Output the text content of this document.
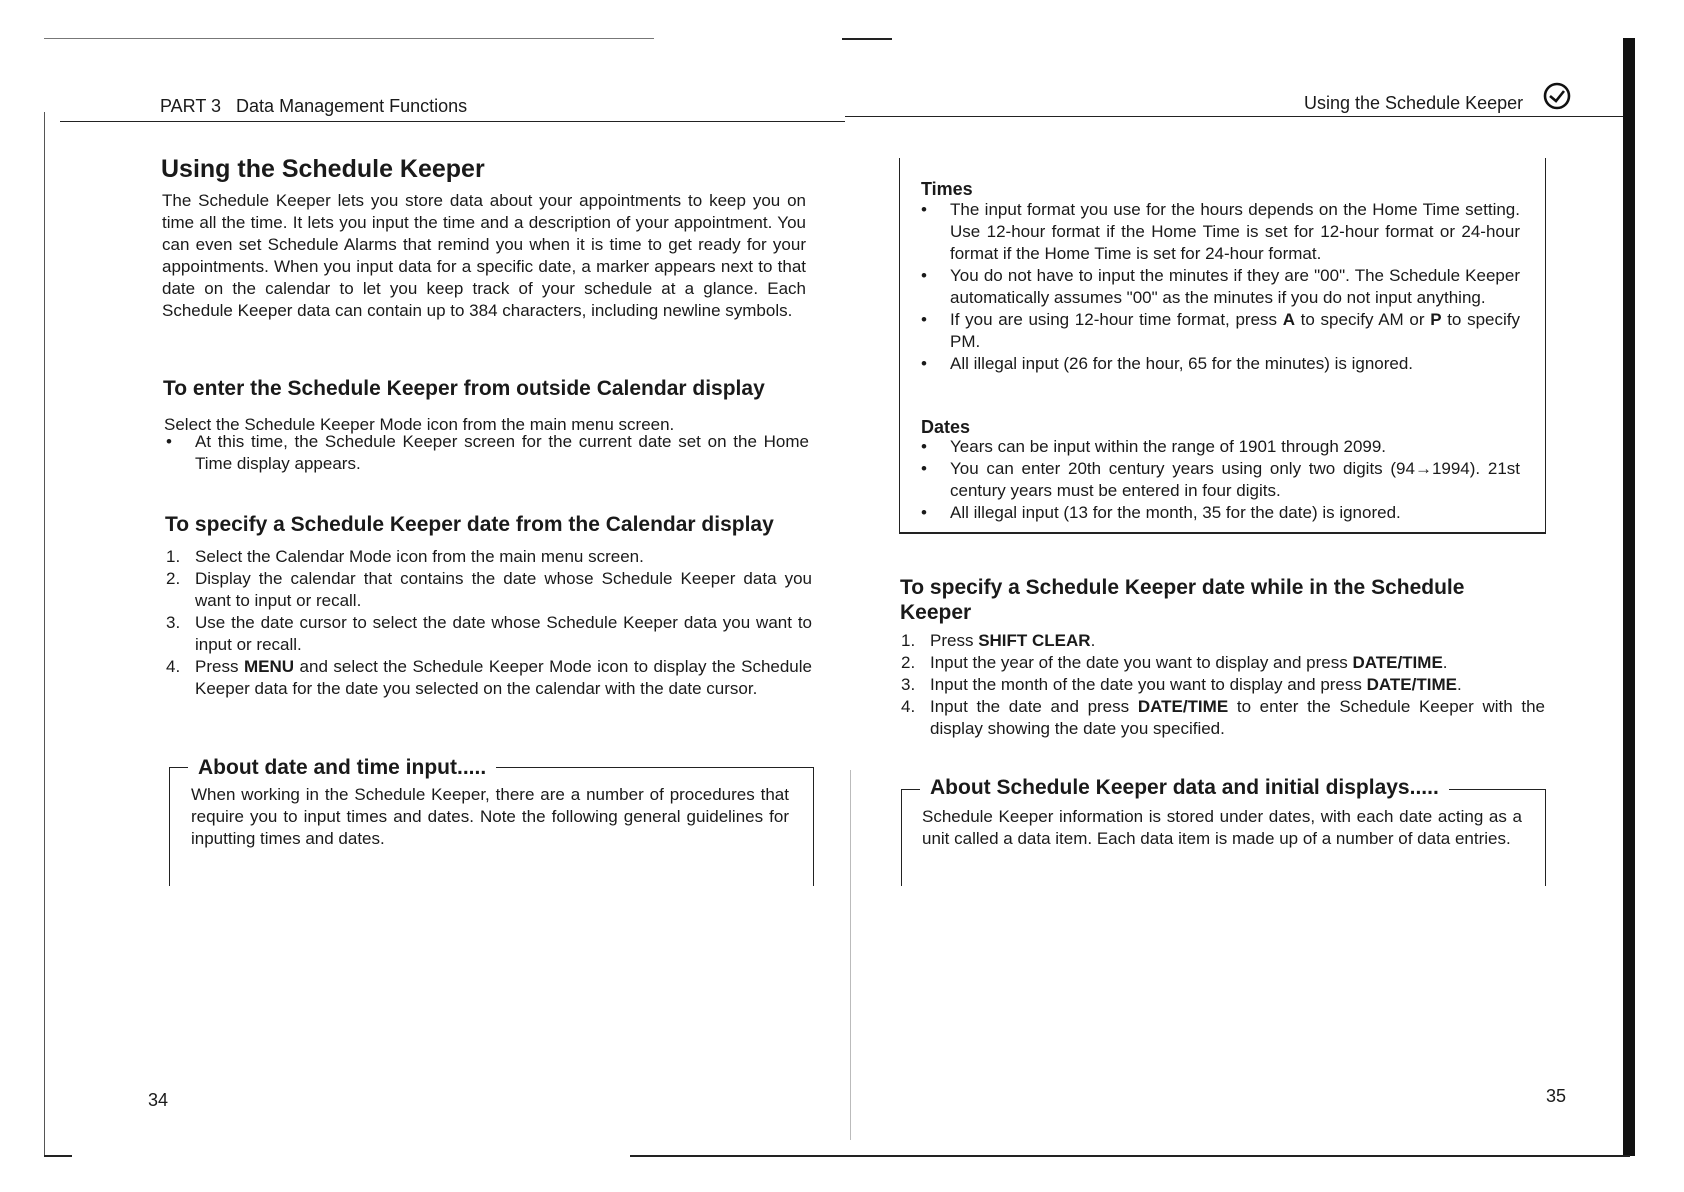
PART 3 Data Management Functions
Using the Schedule Keeper
The Schedule Keeper lets you store data about your appointments to keep you on time all the time. It lets you input the time and a description of your appointment. You can even set Schedule Alarms that remind you when it is time to get ready for your appointments. When you input data for a specific date, a marker appears next to that date on the calendar to let you keep track of your schedule at a glance. Each Schedule Keeper data can contain up to 384 characters, including newline symbols.
To enter the Schedule Keeper from outside Calendar display
Select the Schedule Keeper Mode icon from the main menu screen.
• At this time, the Schedule Keeper screen for the current date set on the Home Time display appears.
To specify a Schedule Keeper date from the Calendar display
1. Select the Calendar Mode icon from the main menu screen.
2. Display the calendar that contains the date whose Schedule Keeper data you want to input or recall.
3. Use the date cursor to select the date whose Schedule Keeper data you want to input or recall.
4. Press MENU and select the Schedule Keeper Mode icon to display the Schedule Keeper data for the date you selected on the calendar with the date cursor.
About date and time input.....
When working in the Schedule Keeper, there are a number of procedures that require you to input times and dates. Note the following general guidelines for inputting times and dates.
34
Using the Schedule Keeper
Times
• The input format you use for the hours depends on the Home Time setting. Use 12-hour format if the Home Time is set for 12-hour format or 24-hour format if the Home Time is set for 24-hour format.
• You do not have to input the minutes if they are "00". The Schedule Keeper automatically assumes "00" as the minutes if you do not input anything.
• If you are using 12-hour time format, press A to specify AM or P to specify PM.
• All illegal input (26 for the hour, 65 for the minutes) is ignored.
Dates
• Years can be input within the range of 1901 through 2099.
• You can enter 20th century years using only two digits (94→1994). 21st century years must be entered in four digits.
• All illegal input (13 for the month, 35 for the date) is ignored.
To specify a Schedule Keeper date while in the Schedule Keeper
1. Press SHIFT CLEAR.
2. Input the year of the date you want to display and press DATE/TIME.
3. Input the month of the date you want to display and press DATE/TIME.
4. Input the date and press DATE/TIME to enter the Schedule Keeper with the display showing the date you specified.
About Schedule Keeper data and initial displays.....
Schedule Keeper information is stored under dates, with each date acting as a unit called a data item. Each data item is made up of a number of data entries.
35
